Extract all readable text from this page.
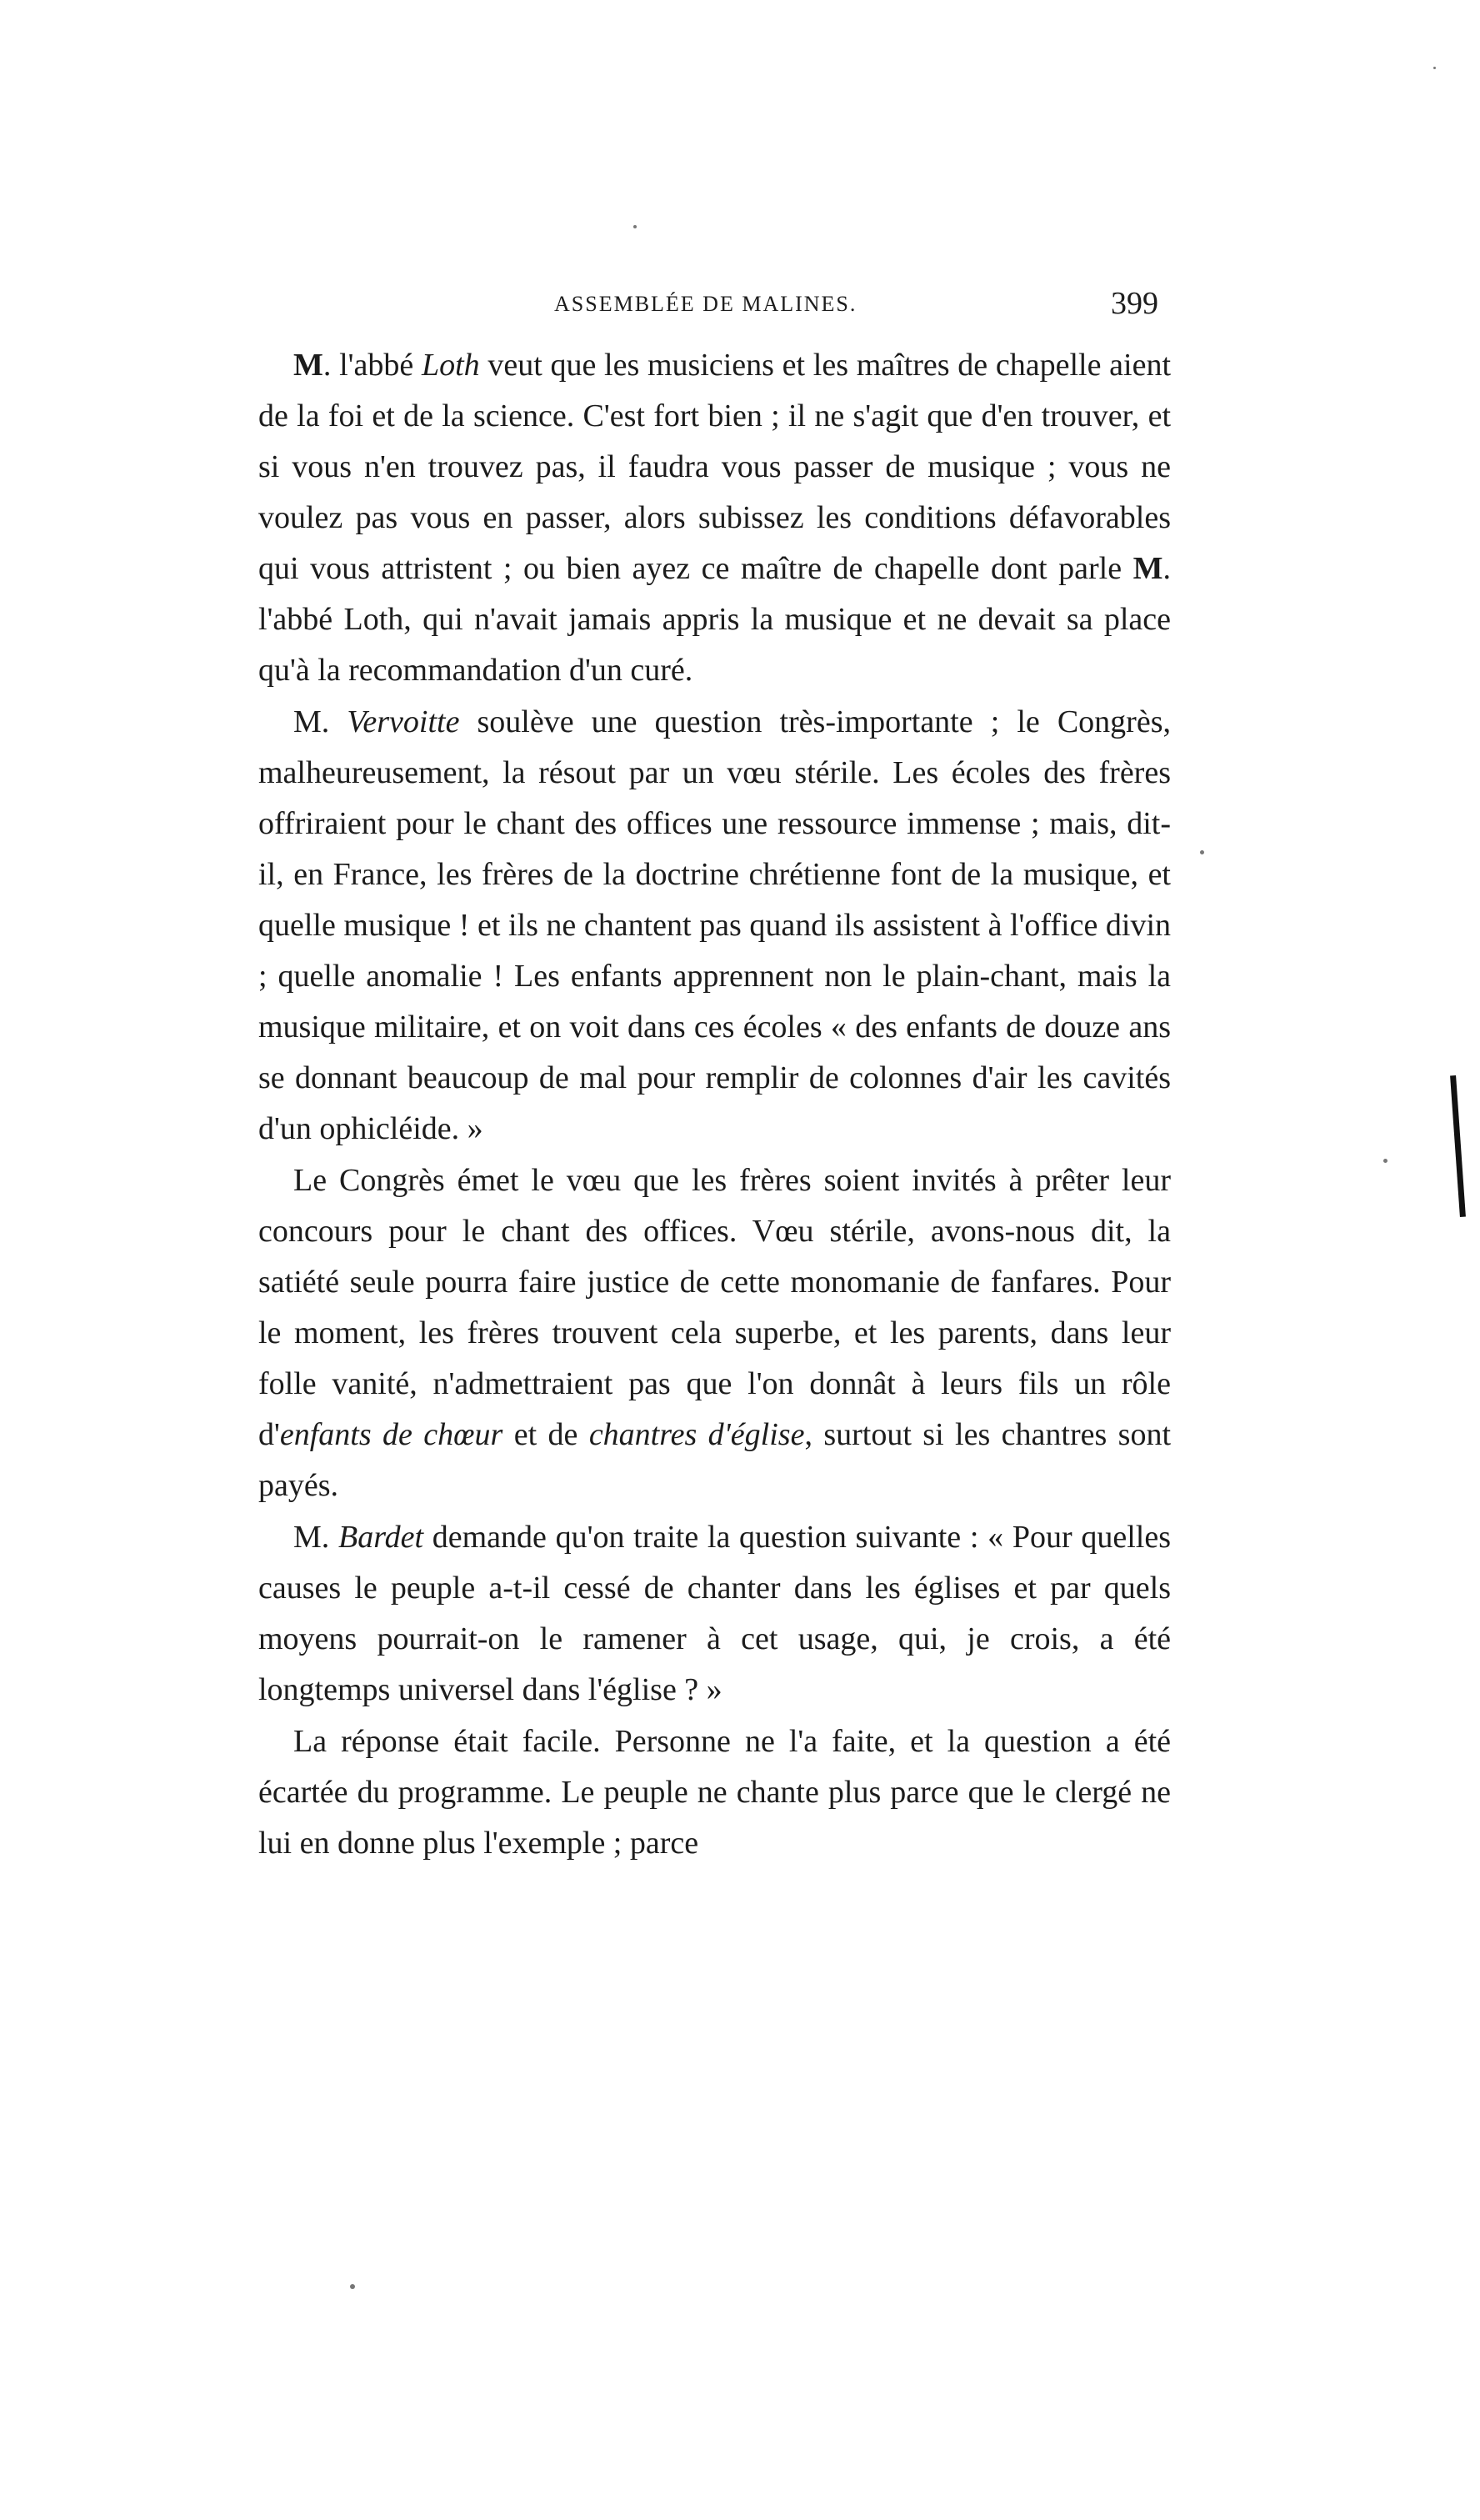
ASSEMBLÉE DE MALINES.	399

M. l'abbé Loth veut que les musiciens et les maîtres de chapelle aient de la foi et de la science. C'est fort bien ; il ne s'agit que d'en trouver, et si vous n'en trouvez pas, il faudra vous passer de musique ; vous ne voulez pas vous en passer, alors subissez les conditions défavorables qui vous attristent ; ou bien ayez ce maître de chapelle dont parle M. l'abbé Loth, qui n'avait jamais appris la musique et ne devait sa place qu'à la recommandation d'un curé.

M. Vervoitte soulève une question très-importante ; le Congrès, malheureusement, la résout par un vœu stérile. Les écoles des frères offriraient pour le chant des offices une ressource immense ; mais, dit-il, en France, les frères de la doctrine chrétienne font de la musique, et quelle musique ! et ils ne chantent pas quand ils assistent à l'office divin ; quelle anomalie ! Les enfants apprennent non le plain-chant, mais la musique militaire, et on voit dans ces écoles « des enfants de douze ans se donnant beaucoup de mal pour remplir de colonnes d'air les cavités d'un ophicléide. »

Le Congrès émet le vœu que les frères soient invités à prêter leur concours pour le chant des offices. Vœu stérile, avons-nous dit, la satiété seule pourra faire justice de cette monomanie de fanfares. Pour le moment, les frères trouvent cela superbe, et les parents, dans leur folle vanité, n'admettraient pas que l'on donnât à leurs fils un rôle d'enfants de chœur et de chantres d'église, surtout si les chantres sont payés.

M. Bardet demande qu'on traite la question suivante : « Pour quelles causes le peuple a-t-il cessé de chanter dans les églises et par quels moyens pourrait-on le ramener à cet usage, qui, je crois, a été longtemps universel dans l'église ? »

La réponse était facile. Personne ne l'a faite, et la question a été écartée du programme. Le peuple ne chante plus parce que le clergé ne lui en donne plus l'exemple ; parce
